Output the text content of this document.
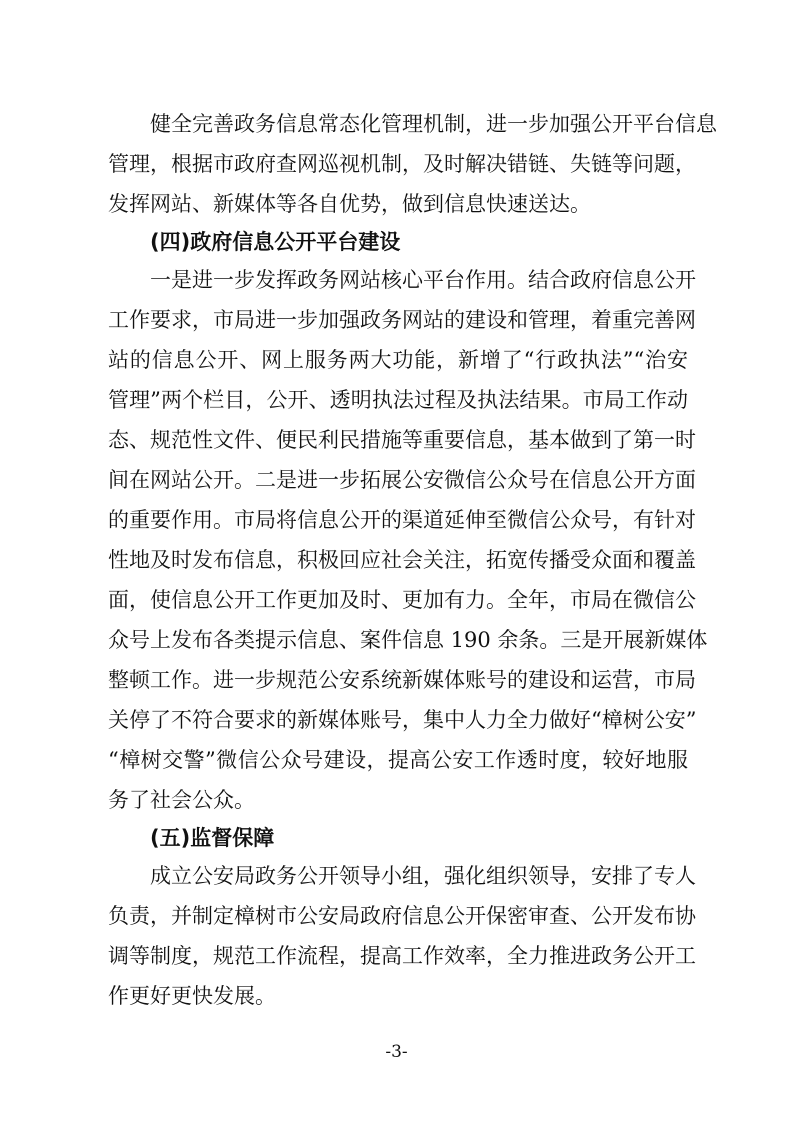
健全完善政务信息常态化管理机制，进一步加强公开平台信息
管理，根据市政府查网巡视机制，及时解决错链、失链等问题，
发挥网站、新媒体等各自优势，做到信息快速送达。
(四)政府信息公开平台建设
一是进一步发挥政务网站核心平台作用。结合政府信息公开
工作要求，市局进一步加强政务网站的建设和管理，着重完善网
站的信息公开、网上服务两大功能，新增了“行政执法”“治安
管理”两个栏目，公开、透明执法过程及执法结果。市局工作动
态、规范性文件、便民利民措施等重要信息，基本做到了第一时
间在网站公开。二是进一步拓展公安微信公众号在信息公开方面
的重要作用。市局将信息公开的渠道延伸至微信公众号，有针对
性地及时发布信息，积极回应社会关注，拓宽传播受众面和覆盖
面，使信息公开工作更加及时、更加有力。全年，市局在微信公
众号上发布各类提示信息、案件信息 190 余条。三是开展新媒体
整顿工作。进一步规范公安系统新媒体账号的建设和运营，市局
关停了不符合要求的新媒体账号，集中人力全力做好“樟树公安”
“樟树交警”微信公众号建设，提高公安工作透时度，较好地服
务了社会公众。
(五)监督保障
成立公安局政务公开领导小组，强化组织领导，安排了专人
负责，并制定樟树市公安局政府信息公开保密审查、公开发布协
调等制度，规范工作流程，提高工作效率，全力推进政务公开工
作更好更快发展。
-3-
